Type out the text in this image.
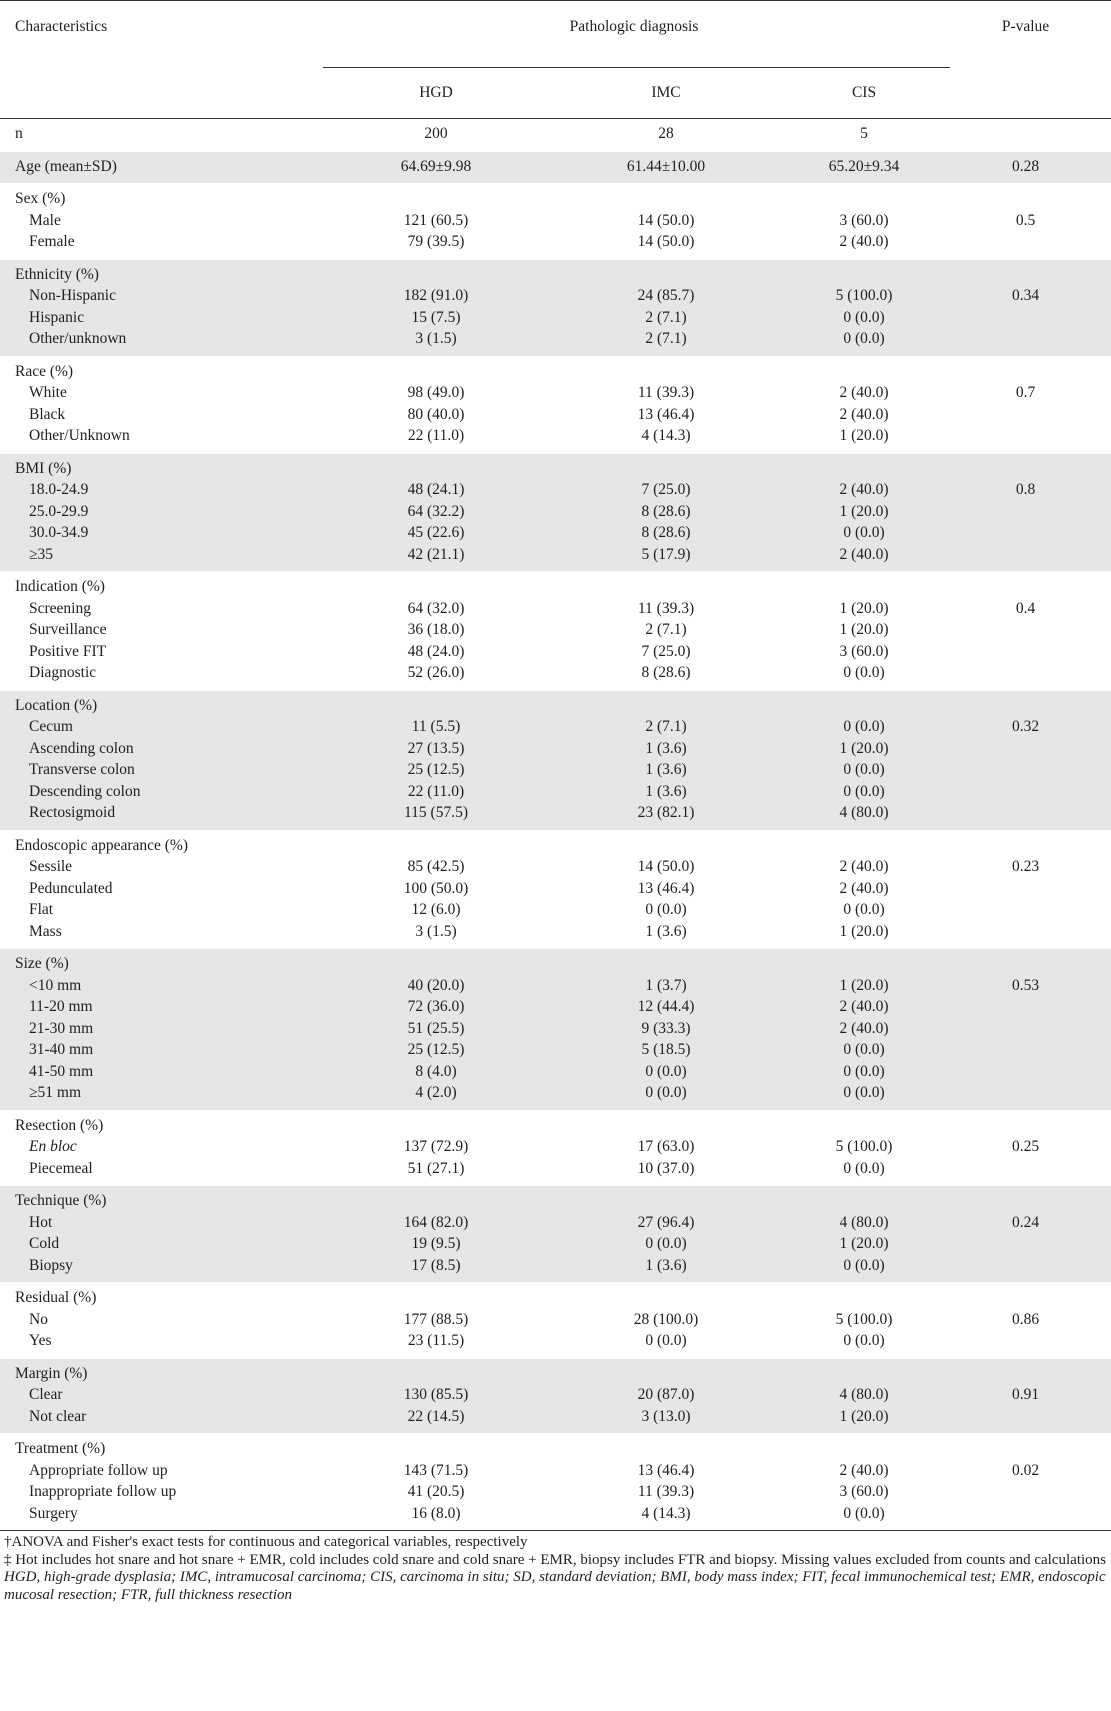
Characteristics	Pathologic diagnosis			P-value
	HGD	IMC	CIS	
n	200	28	5	
Age (mean±SD)	64.69±9.98	61.44±10.00	65.20±9.34	0.28
Sex (%)				
Male	121 (60.5)	14 (50.0)	3 (60.0)	0.5
Female	79 (39.5)	14 (50.0)	2 (40.0)	
Ethnicity (%)				
Non-Hispanic	182 (91.0)	24 (85.7)	5 (100.0)	0.34
Hispanic	15 (7.5)	2 (7.1)	0 (0.0)	
Other/unknown	3 (1.5)	2 (7.1)	0 (0.0)	
Race (%)				
White	98 (49.0)	11 (39.3)	2 (40.0)	0.7
Black	80 (40.0)	13 (46.4)	2 (40.0)	
Other/Unknown	22 (11.0)	4 (14.3)	1 (20.0)	
BMI (%)				
18.0-24.9	48 (24.1)	7 (25.0)	2 (40.0)	0.8
25.0-29.9	64 (32.2)	8 (28.6)	1 (20.0)	
30.0-34.9	45 (22.6)	8 (28.6)	0 (0.0)	
≥35	42 (21.1)	5 (17.9)	2 (40.0)	
Indication (%)				
Screening	64 (32.0)	11 (39.3)	1 (20.0)	0.4
Surveillance	36 (18.0)	2 (7.1)	1 (20.0)	
Positive FIT	48 (24.0)	7 (25.0)	3 (60.0)	
Diagnostic	52 (26.0)	8 (28.6)	0 (0.0)	
Location (%)				
Cecum	11 (5.5)	2 (7.1)	0 (0.0)	0.32
Ascending colon	27 (13.5)	1 (3.6)	1 (20.0)	
Transverse colon	25 (12.5)	1 (3.6)	0 (0.0)	
Descending colon	22 (11.0)	1 (3.6)	0 (0.0)	
Rectosigmoid	115 (57.5)	23 (82.1)	4 (80.0)	
Endoscopic appearance (%)				
Sessile	85 (42.5)	14 (50.0)	2 (40.0)	0.23
Pedunculated	100 (50.0)	13 (46.4)	2 (40.0)	
Flat	12 (6.0)	0 (0.0)	0 (0.0)	
Mass	3 (1.5)	1 (3.6)	1 (20.0)	
Size (%)				
<10 mm	40 (20.0)	1 (3.7)	1 (20.0)	0.53
11-20 mm	72 (36.0)	12 (44.4)	2 (40.0)	
21-30 mm	51 (25.5)	9 (33.3)	2 (40.0)	
31-40 mm	25 (12.5)	5 (18.5)	0 (0.0)	
41-50 mm	8 (4.0)	0 (0.0)	0 (0.0)	
≥51 mm	4 (2.0)	0 (0.0)	0 (0.0)	
Resection (%)				
En bloc	137 (72.9)	17 (63.0)	5 (100.0)	0.25
Piecemeal	51 (27.1)	10 (37.0)	0 (0.0)	
Technique (%)				
Hot	164 (82.0)	27 (96.4)	4 (80.0)	0.24
Cold	19 (9.5)	0 (0.0)	1 (20.0)	
Biopsy	17 (8.5)	1 (3.6)	0 (0.0)	
Residual (%)				
No	177 (88.5)	28 (100.0)	5 (100.0)	0.86
Yes	23 (11.5)	0 (0.0)	0 (0.0)	
Margin (%)				
Clear	130 (85.5)	20 (87.0)	4 (80.0)	0.91
Not clear	22 (14.5)	3 (13.0)	1 (20.0)	
Treatment (%)				
Appropriate follow up	143 (71.5)	13 (46.4)	2 (40.0)	0.02
Inappropriate follow up	41 (20.5)	11 (39.3)	3 (60.0)	
Surgery	16 (8.0)	4 (14.3)	0 (0.0)	

†ANOVA and Fisher's exact tests for continuous and categorical variables, respectively

‡ Hot includes hot snare and hot snare + EMR, cold includes cold snare and cold snare + EMR, biopsy includes FTR and biopsy. Missing values excluded from counts and calculations

HGD, high-grade dysplasia; IMC, intramucosal carcinoma; CIS, carcinoma in situ; SD, standard deviation; BMI, body mass index; FIT, fecal immunochemical test; EMR, endoscopic mucosal resection; FTR, full thickness resection
